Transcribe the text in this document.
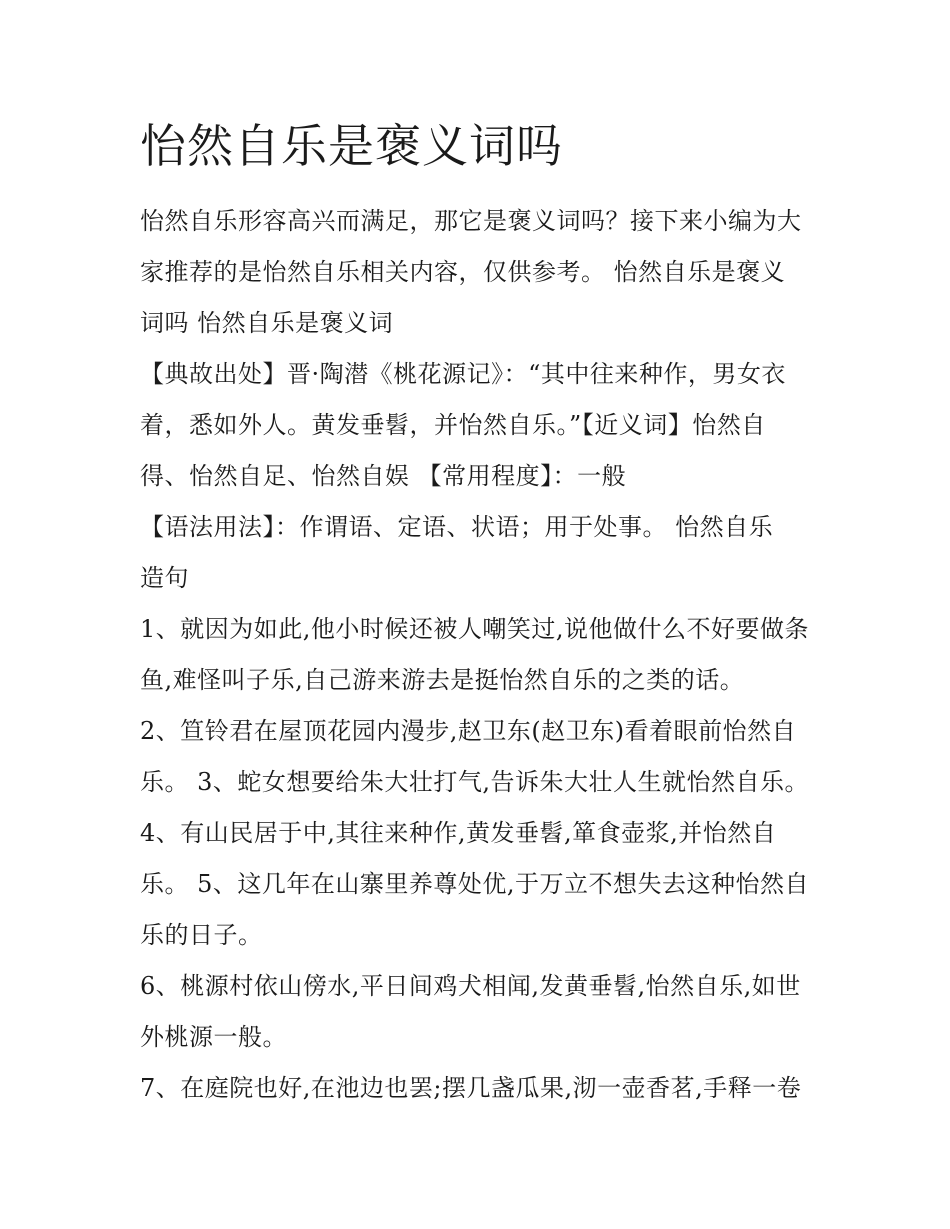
怡然自乐是褒义词吗
怡然自乐形容高兴而满足，那它是褒义词吗？接下来小编为大
家推荐的是怡然自乐相关内容，仅供参考。 怡然自乐是褒义
词吗 怡然自乐是褒义词
【典故出处】晋·陶潜《桃花源记》：“其中往来种作，男女衣
着，悉如外人。黄发垂髫，并怡然自乐。”【近义词】怡然自
得、怡然自足、怡然自娱 【常用程度】：一般
【语法用法】：作谓语、定语、状语；用于处事。 怡然自乐
造句
1、就因为如此,他小时候还被人嘲笑过,说他做什么不好要做条
鱼,难怪叫子乐,自己游来游去是挺怡然自乐的之类的话。
2、笪铃君在屋顶花园内漫步,赵卫东(赵卫东)看着眼前怡然自
乐。 3、蛇女想要给朱大壮打气,告诉朱大壮人生就怡然自乐。
4、有山民居于中,其往来种作,黄发垂髫,箪食壶浆,并怡然自
乐。 5、这几年在山寨里养尊处优,于万立不想失去这种怡然自
乐的日子。
6、桃源村依山傍水,平日间鸡犬相闻,发黄垂髫,怡然自乐,如世
外桃源一般。
7、在庭院也好,在池边也罢;摆几盏瓜果,沏一壶香茗,手释一卷
